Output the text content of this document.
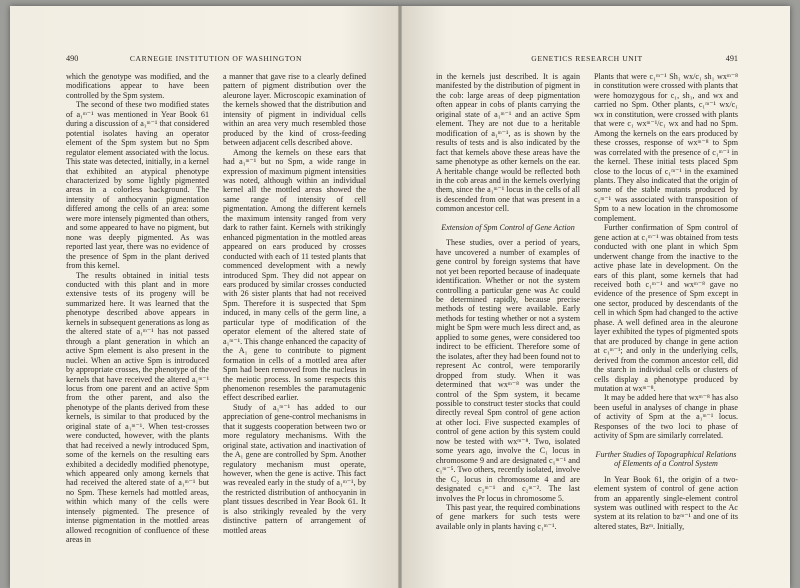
490	CARNEGIE INSTITUTION OF WASHINGTON

which the genotype was modified, and the modifications appear to have been controlled by the Spm system.

The second of these two modified states of a₁ᵐ⁻¹ was mentioned in Year Book 61 during a discussion of a₁ᵐ⁻¹ that considered potential isolates having an operator element of the Spm system but no Spm regulator element associated with the locus. This state was detected, initially, in a kernel that exhibited an atypical phenotype characterized by some lightly pigmented areas in a colorless background. The intensity of anthocyanin pigmentation differed among the cells of an area: some were more intensely pigmented than others, and some appeared to have no pigment, but none was deeply pigmented. As was reported last year, there was no evidence of the presence of Spm in the plant derived from this kernel.

The results obtained in initial tests conducted with this plant and in more extensive tests of its progeny will be summarized here. It was learned that the phenotype described above appears in kernels in subsequent generations as long as the altered state of a₁ᵐ⁻¹ has not passed through a plant generation in which an active Spm element is also present in the nuclei. When an active Spm is introduced by appropriate crosses, the phenotype of the kernels that have received the altered a₁ᵐ⁻¹ locus from one parent and an active Spm from the other parent, and also the phenotype of the plants derived from these kernels, is similar to that produced by the original state of a₁ᵐ⁻¹. When test-crosses were conducted, however, with the plants that had received a newly introduced Spm, some of the kernels on the resulting ears exhibited a decidedly modified phenotype, which appeared only among kernels that had received the altered state of a₁ᵐ⁻¹ but no Spm. These kernels had mottled areas, within which many of the cells were intensely pigmented. The presence of intense pigmentation in the mottled areas allowed recognition of confluence of these areas in

a manner that gave rise to a clearly defined pattern of pigment distribution over the aleurone layer. Microscopic examination of the kernels showed that the distribution and intensity of pigment in individual cells within an area very much resembled those produced by the kind of cross-feeding between adjacent cells described above.

Among the kernels on these ears that had a₁ᵐ⁻¹ but no Spm, a wide range in expression of maximum pigment intensities was noted, although within an individual kernel all the mottled areas showed the same range of intensity of cell pigmentation. Among the different kernels the maximum intensity ranged from very dark to rather faint. Kernels with strikingly enhanced pigmentation in the mottled areas appeared on ears produced by crosses conducted with each of 11 tested plants that commenced development with a newly introduced Spm. They did not appear on ears produced by similar crosses conducted with 26 sister plants that had not received Spm. Therefore it is suspected that Spm induced, in many cells of the germ line, a particular type of modification of the operator element of the altered state of a₁ᵐ⁻¹. This change enhanced the capacity of the A₁ gene to contribute to pigment formation in cells of a mottled area after Spm had been removed from the nucleus in the meiotic process. In some respects this phenomenon resembles the paramutagenic effect described earlier.

Study of a₁ᵐ⁻¹ has added to our appreciation of gene-control mechanisms in that it suggests cooperation between two or more regulatory mechanisms. With the original state, activation and inactivation of the A₁ gene are controlled by Spm. Another regulatory mechanism must operate, however, when the gene is active. This fact was revealed early in the study of a₁ᵐ⁻¹, by the restricted distribution of anthocyanin in plant tissues described in Year Book 61. It is also strikingly revealed by the very distinctive pattern of arrangement of mottled areas

GENETICS RESEARCH UNIT	491

in the kernels just described. It is again manifested by the distribution of pigment in the cob: large areas of deep pigmentation often appear in cobs of plants carrying the original state of a₁ᵐ⁻¹ and an active Spm element. They are not due to a heritable modification of a₁ᵐ⁻¹, as is shown by the results of tests and is also indicated by the fact that kernels above these areas have the same phenotype as other kernels on the ear. A heritable change would be reflected both in the cob areas and in the kernels overlying them, since the a₁ᵐ⁻¹ locus in the cells of all is descended from one that was present in a common ancestor cell.

Extension of Spm Control of Gene Action

These studies, over a period of years, have uncovered a number of examples of gene control by foreign systems that have not yet been reported because of inadequate identification. Whether or not the system controlling a particular gene was Ac could be determined rapidly, because precise methods of testing were available. Early methods for testing whether or not a system might be Spm were much less direct and, as applied to some genes, were considered too indirect to be efficient. Therefore some of the isolates, after they had been found not to represent Ac control, were temporarily dropped from study. When it was determined that wxᵐ⁻⁸ was under the control of the Spm system, it became possible to construct tester stocks that could directly reveal Spm control of gene action at other loci. Five suspected examples of control of gene action by this system could now be tested with wxᵐ⁻⁸. Two, isolated some years ago, involve the C₁ locus in chromosome 9 and are designated c₁ᵐ⁻¹ and c₁ᵐ⁻⁵. Two others, recently isolated, involve the C₂ locus in chromosome 4 and are designated c₂ᵐ⁻¹ and c₂ᵐ⁻². The last involves the Pr locus in chromosome 5.

This past year, the required combinations of gene markers for such tests were available only in plants having c₁ᵐ⁻¹.

Plants that were c₁ᵐ⁻¹ Sh₁ wx/c₁ sh₁ wxᵐ⁻⁸ in constitution were crossed with plants that were homozygous for c₁, sh₁, and wx and carried no Spm. Other plants, c₁ᵐ⁻¹ wx/c₁ wx in constitution, were crossed with plants that were c₁ wxᵐ⁻¹/c₁ wx and had no Spm. Among the kernels on the ears produced by these crosses, response of wxᵐ⁻⁸ to Spm was correlated with the presence of c₁ᵐ⁻¹ in the kernel. These initial tests placed Spm close to the locus of c₁ᵐ⁻¹ in the examined plants. They also indicated that the origin of some of the stable mutants produced by c₁ᵐ⁻¹ was associated with transposition of Spm to a new location in the chromosome complement.

Further confirmation of Spm control of gene action at c₁ᵐ⁻¹ was obtained from tests conducted with one plant in which Spm underwent change from the inactive to the active phase late in development. On the ears of this plant, some kernels that had received both c₁ᵐ⁻¹ and wxᵐ⁻⁸ gave no evidence of the presence of Spm except in one sector, produced by descendants of the cell in which Spm had changed to the active phase. A well defined area in the aleurone layer exhibited the types of pigmented spots that are produced by change in gene action at c₁ᵐ⁻¹; and only in the underlying cells, derived from the common ancestor cell, did the starch in individual cells or clusters of cells display a phenotype produced by mutation at wxᵐ⁻⁸.

It may be added here that wxᵐ⁻⁸ has also been useful in analyses of change in phase of activity of Spm at the a₁ᵐ⁻¹ locus. Responses of the two loci to phase of activity of Spm are similarly correlated.

Further Studies of Topographical Relations of Elements of a Control System

In Year Book 61, the origin of a two-element system of control of gene action from an apparently single-element control system was outlined with respect to the Ac system at its relation to bzᵐ⁻¹ and one of its altered states, Bzᵐ. Initially,
